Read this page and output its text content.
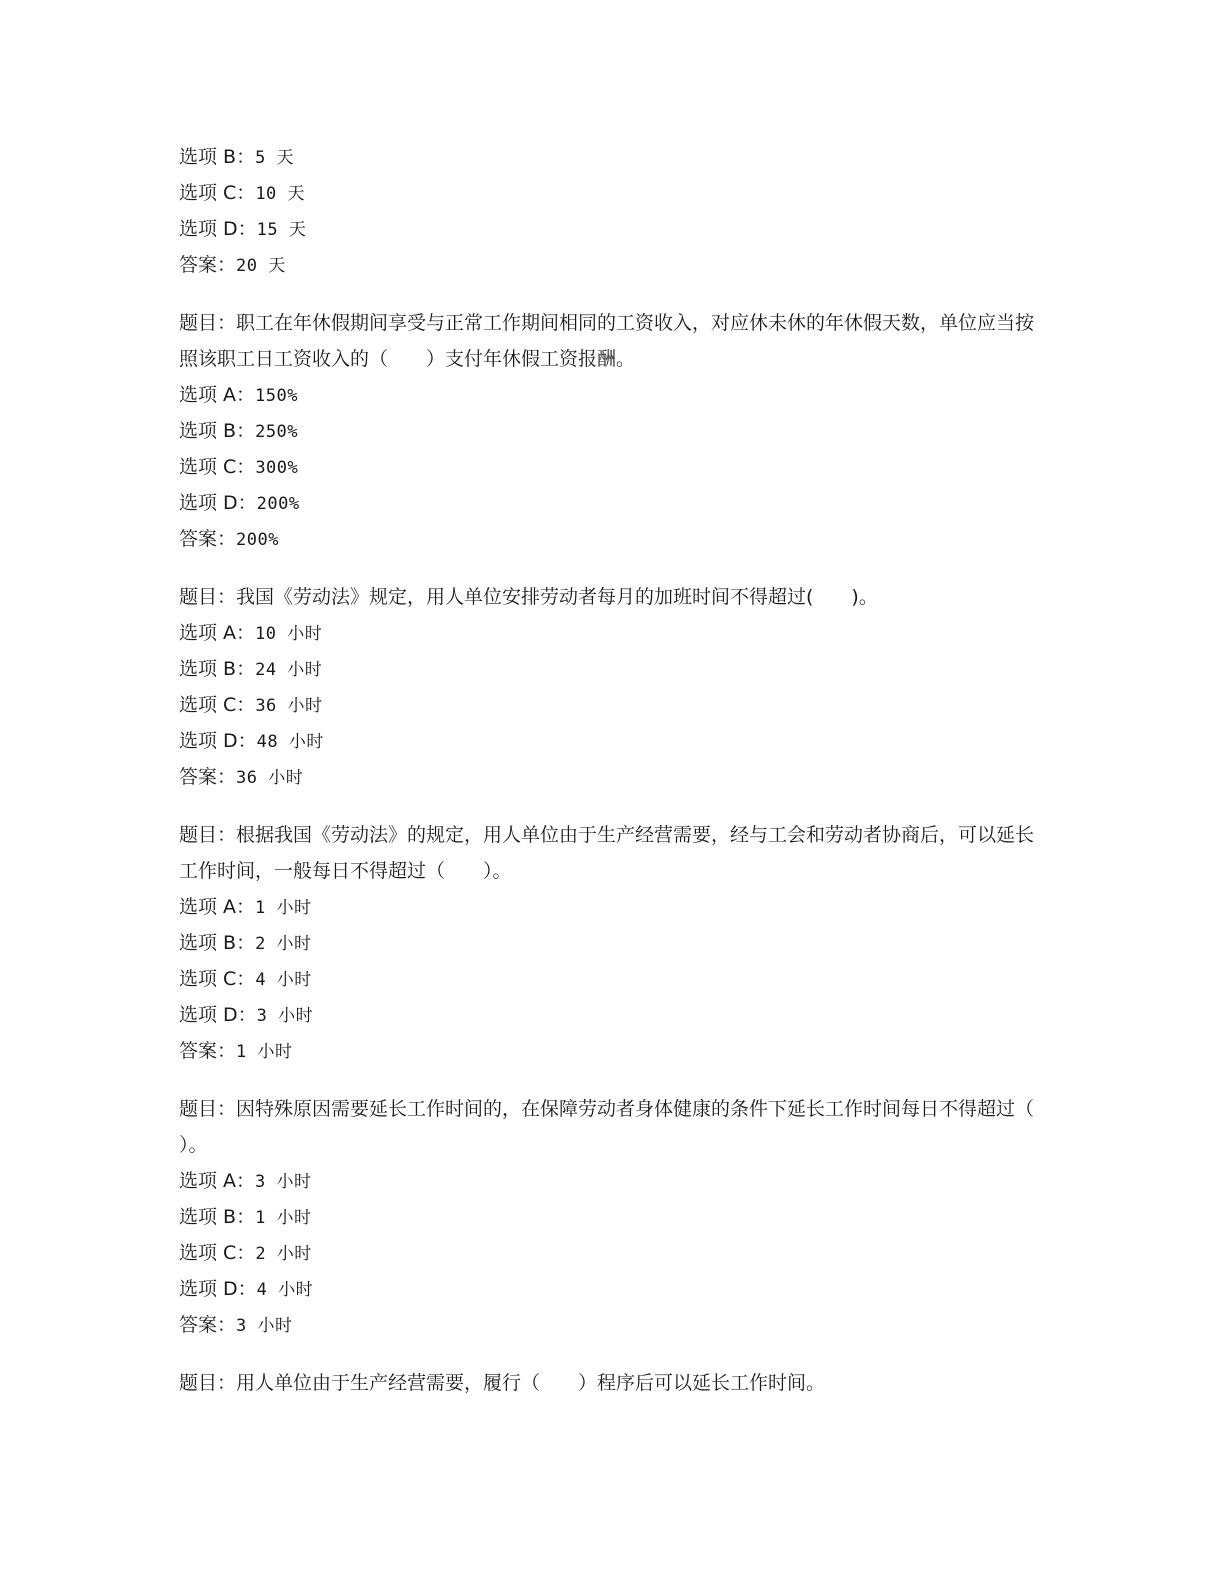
选项 B：5 天
选项 C：10 天
选项 D：15 天
答案：20 天
题目：职工在年休假期间享受与正常工作期间相同的工资收入，对应休未休的年休假天数，单位应当按照该职工日工资收入的（　　）支付年休假工资报酬。
选项 A：150%
选项 B：250%
选项 C：300%
选项 D：200%
答案：200%
题目：我国《劳动法》规定，用人单位安排劳动者每月的加班时间不得超过(　　)。
选项 A：10 小时
选项 B：24 小时
选项 C：36 小时
选项 D：48 小时
答案：36 小时
题目：根据我国《劳动法》的规定，用人单位由于生产经营需要，经与工会和劳动者协商后，可以延长工作时间，一般每日不得超过（　　）。
选项 A：1 小时
选项 B：2 小时
选项 C：4 小时
选项 D：3 小时
答案：1 小时
题目：因特殊原因需要延长工作时间的，在保障劳动者身体健康的条件下延长工作时间每日不得超过（　　）。
选项 A：3 小时
选项 B：1 小时
选项 C：2 小时
选项 D：4 小时
答案：3 小时
题目：用人单位由于生产经营需要，履行（　　）程序后可以延长工作时间。
